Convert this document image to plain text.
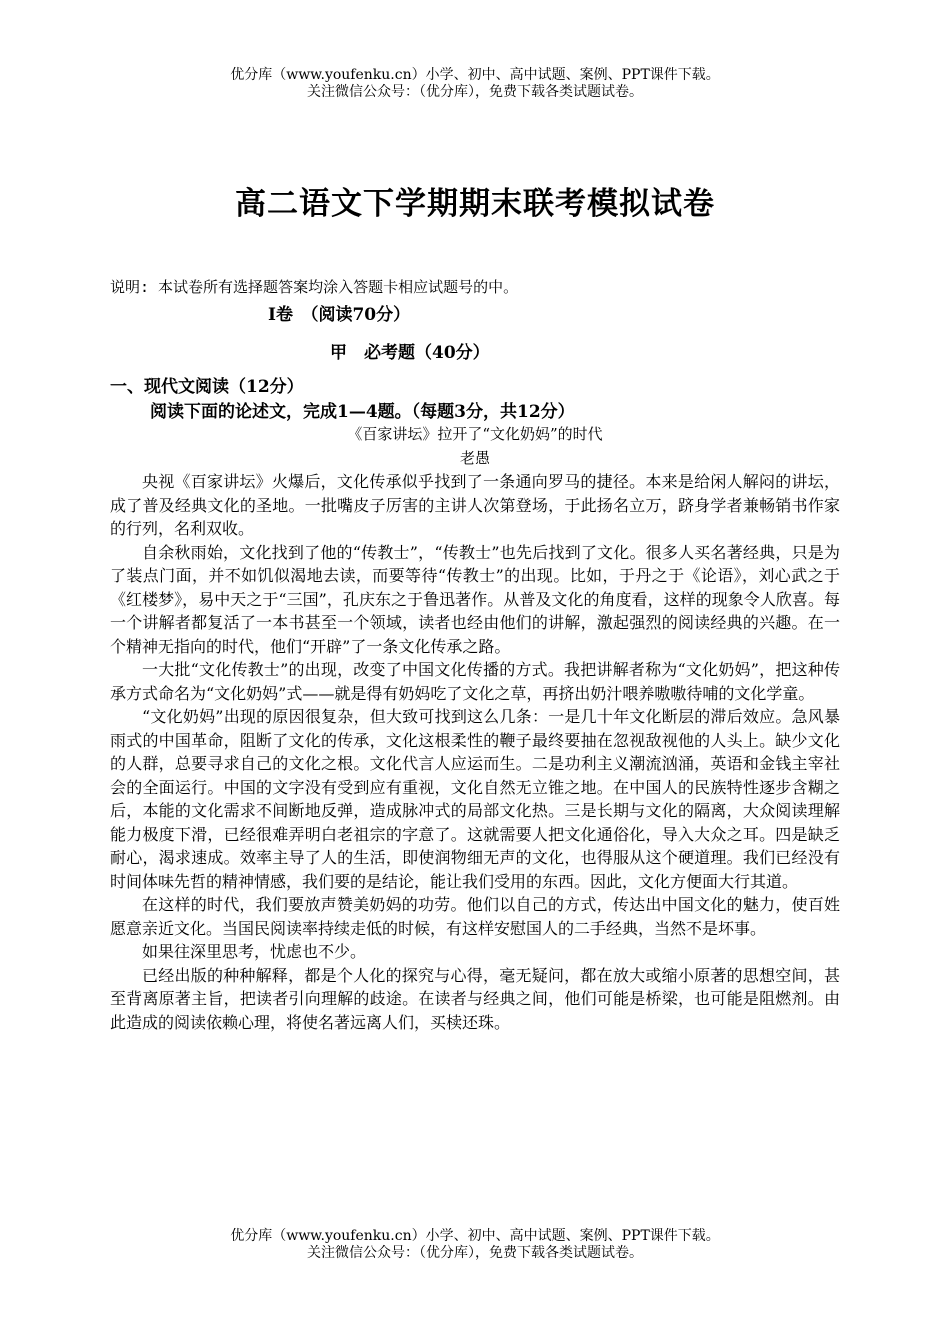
优分库（www.youfenku.cn）小学、初中、高中试题、案例、PPT课件下载。
关注微信公众号：（优分库），免费下载各类试题试卷。
高二语文下学期期末联考模拟试卷
说明: 本试卷所有选择题答案均涂入答题卡相应试题号的中。
Ⅰ卷　（阅读70分）
甲　必考题（40分）
一、现代文阅读（12分）
阅读下面的论述文，完成1—4题。（每题3分，共12分）
《百家讲坛》拉开了“文化奶妈”的时代
老愚

央视《百家讲坛》火爆后，文化传承似乎找到了一条通向罗马的捷径。本来是给闲人解闷的讲坛，成了普及经典文化的圣地。一批嘴皮子厉害的主讲人次第登场，于此扬名立万，跻身学者兼畅销书作家的行列，名利双收。

自余秋雨始，文化找到了他的“传教士”，“传教士”也先后找到了文化。很多人买名著经典，只是为了装点门面，并不如饥似渴地去读，而要等待“传教士”的出现。比如，于丹之于《论语》，刘心武之于《红楼梦》，易中天之于“三国”，孔庆东之于鲁迅著作。从普及文化的角度看，这样的现象令人欣喜。每一个讲解者都复活了一本书甚至一个领域，读者也经由他们的讲解，激起强烈的阅读经典的兴趣。在一个精神无指向的时代，他们“开辟”了一条文化传承之路。

一大批“文化传教士”的出现，改变了中国文化传播的方式。我把讲解者称为“文化奶妈”，把这种传承方式命名为“文化奶妈”式——就是得有奶妈吃了文化之草，再挤出奶汁喂养嗷嗷待哺的文化学童。

“文化奶妈”出现的原因很复杂，但大致可找到这么几条：一是几十年文化断层的滞后效应。急风暴雨式的中国革命，阻断了文化的传承，文化这根柔性的鞭子最终要抽在忽视敌视他的人头上。缺少文化的人群，总要寻求自己的文化之根。文化代言人应运而生。二是功利主义潮流汹涌，英语和金钱主宰社会的全面运行。中国的文字没有受到应有重视，文化自然无立锥之地。在中国人的民族特性逐步含糊之后，本能的文化需求不间断地反弹，造成脉冲式的局部文化热。三是长期与文化的隔离，大众阅读理解能力极度下滑，已经很难弄明白老祖宗的字意了。这就需要人把文化通俗化，导入大众之耳。四是缺乏耐心，渴求速成。效率主导了人的生活，即使润物细无声的文化，也得服从这个硬道理。我们已经没有时间体味先哲的精神情感，我们要的是结论，能让我们受用的东西。因此，文化方便面大行其道。

在这样的时代，我们要放声赞美奶妈的功劳。他们以自己的方式，传达出中国文化的魅力，使百姓愿意亲近文化。当国民阅读率持续走低的时候，有这样安慰国人的二手经典，当然不是坏事。

如果往深里思考，忧虑也不少。

已经出版的种种解释，都是个人化的探究与心得，毫无疑问，都在放大或缩小原著的思想空间，甚至背离原著主旨，把读者引向理解的歧途。在读者与经典之间，他们可能是桥梁，也可能是阻燃剂。由此造成的阅读依赖心理，将使名著远离人们，买椟还珠。

优分库（www.youfenku.cn）小学、初中、高中试题、案例、PPT课件下载。
关注微信公众号：（优分库），免费下载各类试题试卷。
